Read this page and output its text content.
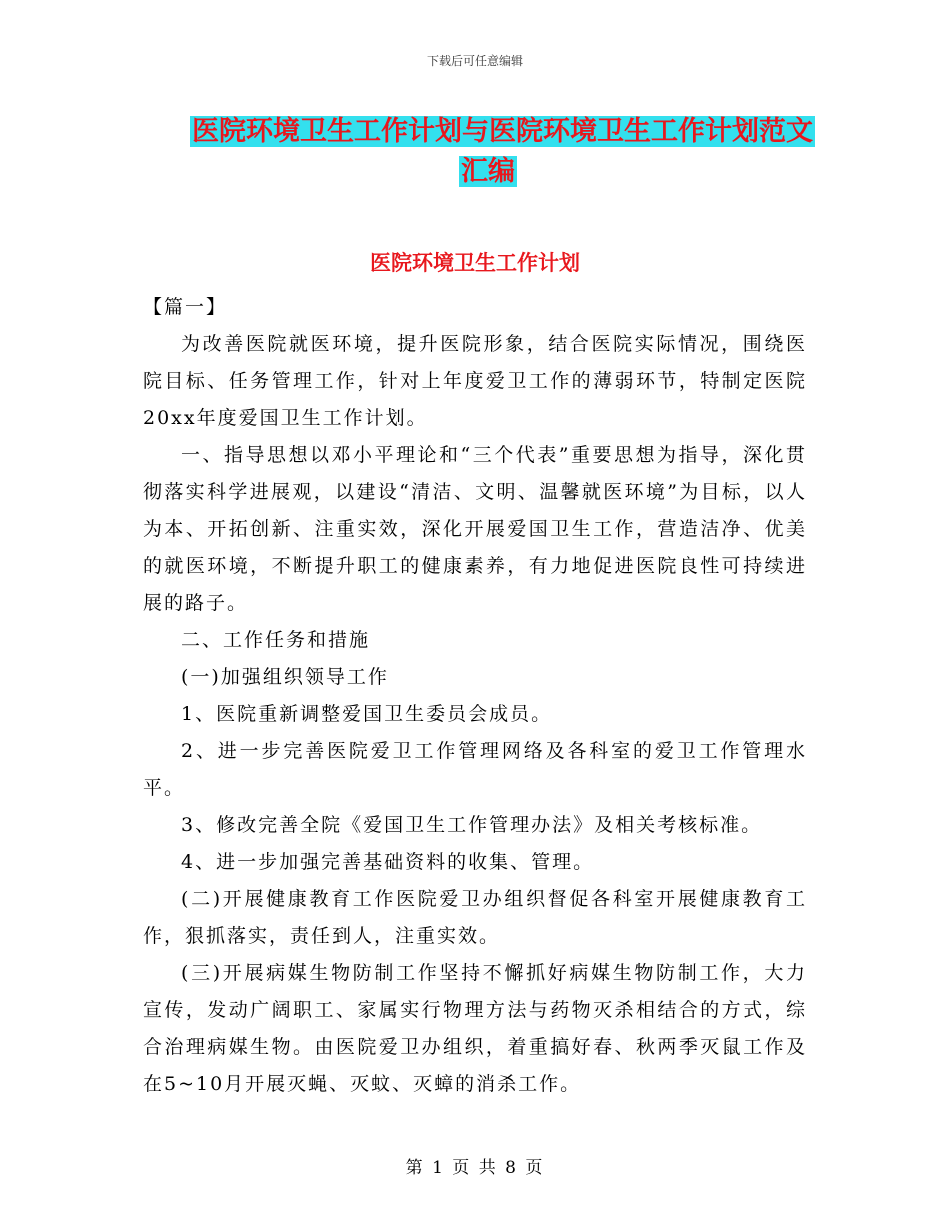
下载后可任意编辑
医院环境卫生工作计划与医院环境卫生工作计划范文
汇编
医院环境卫生工作计划

【篇一】

为改善医院就医环境，提升医院形象，结合医院实际情况，围绕医院目标、任务管理工作，针对上年度爱卫工作的薄弱环节，特制定医院20xx年度爱国卫生工作计划。

一、指导思想以邓小平理论和“三个代表”重要思想为指导，深化贯彻落实科学进展观，以建设“清洁、文明、温馨就医环境”为目标，以人为本、开拓创新、注重实效，深化开展爱国卫生工作，营造洁净、优美的就医环境，不断提升职工的健康素养，有力地促进医院良性可持续进展的路子。

二、工作任务和措施

(一)加强组织领导工作

1、医院重新调整爱国卫生委员会成员。

2、进一步完善医院爱卫工作管理网络及各科室的爱卫工作管理水平。

3、修改完善全院《爱国卫生工作管理办法》及相关考核标准。

4、进一步加强完善基础资料的收集、管理。

(二)开展健康教育工作医院爱卫办组织督促各科室开展健康教育工作，狠抓落实，责任到人，注重实效。

(三)开展病媒生物防制工作坚持不懈抓好病媒生物防制工作，大力宣传，发动广阔职工、家属实行物理方法与药物灭杀相结合的方式，综合治理病媒生物。由医院爱卫办组织，着重搞好春、秋两季灭鼠工作及在5~10月开展灭蝇、灭蚊、灭蟑的消杀工作。

第 1 页 共 8 页
